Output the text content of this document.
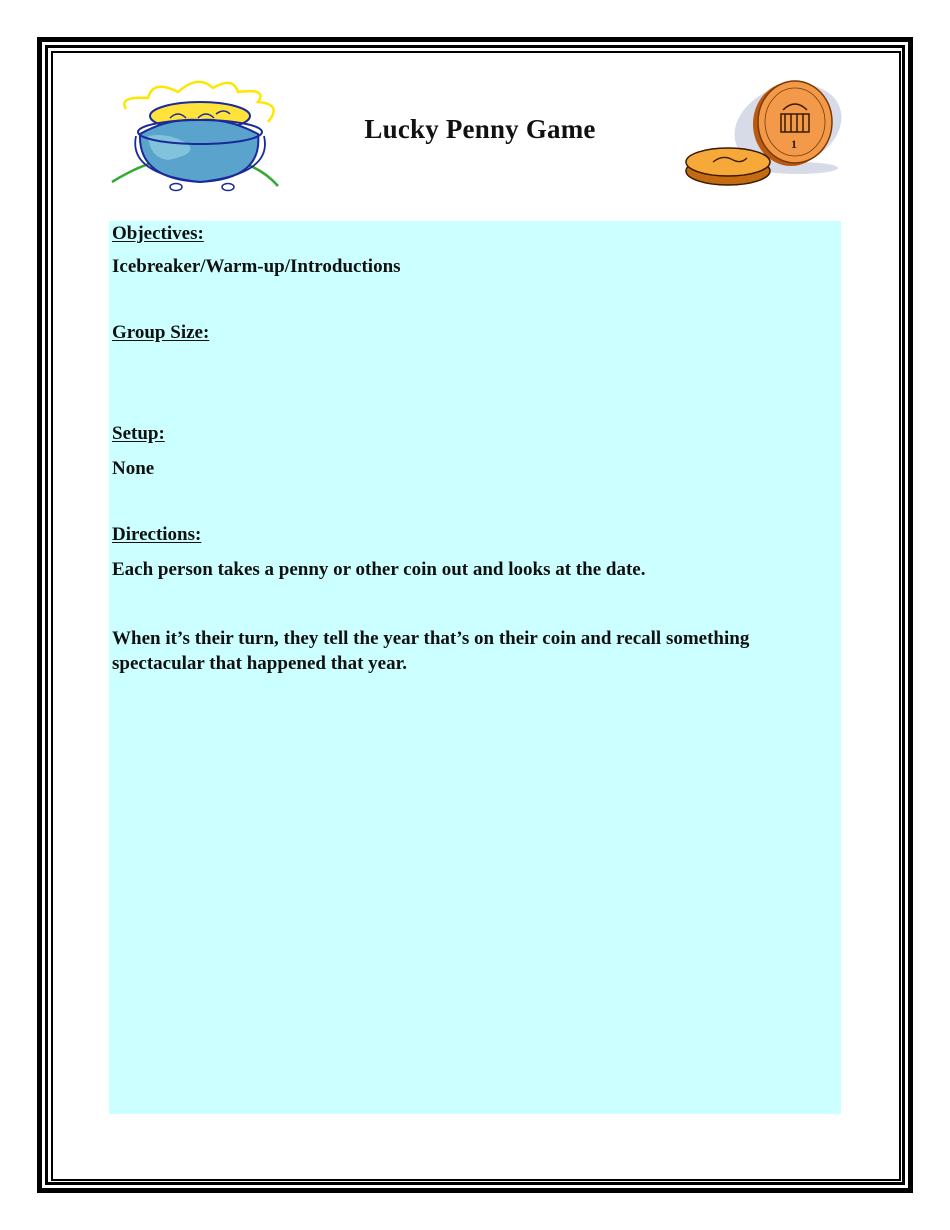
Lucky Penny Game	1
Objectives:
Icebreaker/Warm-up/Introductions
Group Size:
Setup:
None
Directions:
Each person takes a penny or other coin out and looks at the date.
When it’s their turn, they tell the year that’s on their coin and recall something spectacular that happened that year.
